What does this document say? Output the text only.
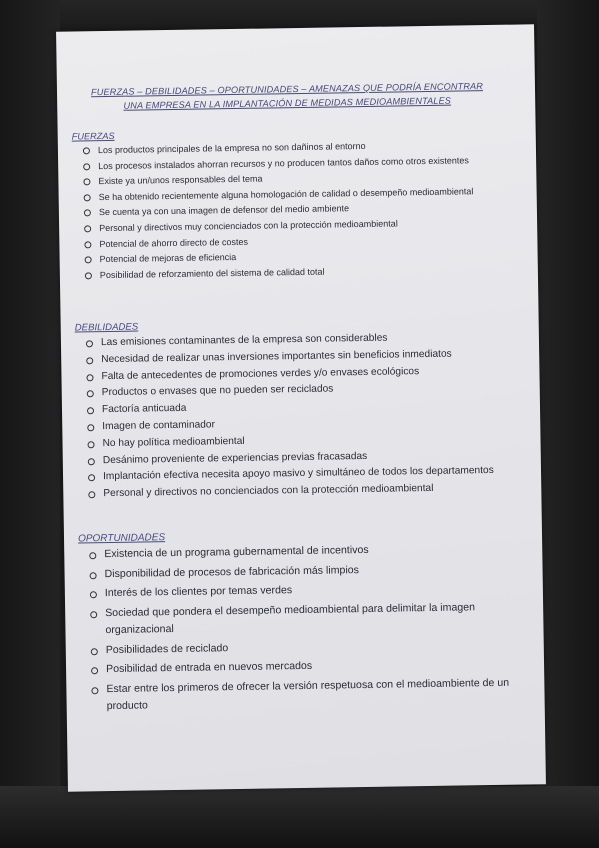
FUERZAS – DEBILIDADES – OPORTUNIDADES – AMENAZAS QUE PODRÍA ENCONTRAR
UNA EMPRESA EN LA IMPLANTACIÓN DE MEDIDAS MEDIOAMBIENTALES
FUERZAS
Los productos principales de la empresa no son dañinos al entorno
Los procesos instalados ahorran recursos y no producen tantos daños como otros existentes
Existe ya un/unos responsables del tema
Se ha obtenido recientemente alguna homologación de calidad o desempeño medioambiental
Se cuenta ya con una imagen de defensor del medio ambiente
Personal y directivos muy concienciados con la protección medioambiental
Potencial de ahorro directo de costes
Potencial de mejoras de eficiencia
Posibilidad de reforzamiento del sistema de calidad total
DEBILIDADES
Las emisiones contaminantes de la empresa son considerables
Necesidad de realizar unas inversiones importantes sin beneficios inmediatos
Falta de antecedentes de promociones verdes y/o envases ecológicos
Productos o envases que no pueden ser reciclados
Factoría anticuada
Imagen de contaminador
No hay política medioambiental
Desánimo proveniente de experiencias previas fracasadas
Implantación efectiva necesita apoyo masivo y simultáneo de todos los departamentos
Personal y directivos no concienciados con la protección medioambiental
OPORTUNIDADES
Existencia de un programa gubernamental de incentivos
Disponibilidad de procesos de fabricación más limpios
Interés de los clientes por temas verdes
Sociedad que pondera el desempeño medioambiental para delimitar la imagen organizacional
Posibilidades de reciclado
Posibilidad de entrada en nuevos mercados
Estar entre los primeros de ofrecer la versión respetuosa con el medioambiente de un producto
